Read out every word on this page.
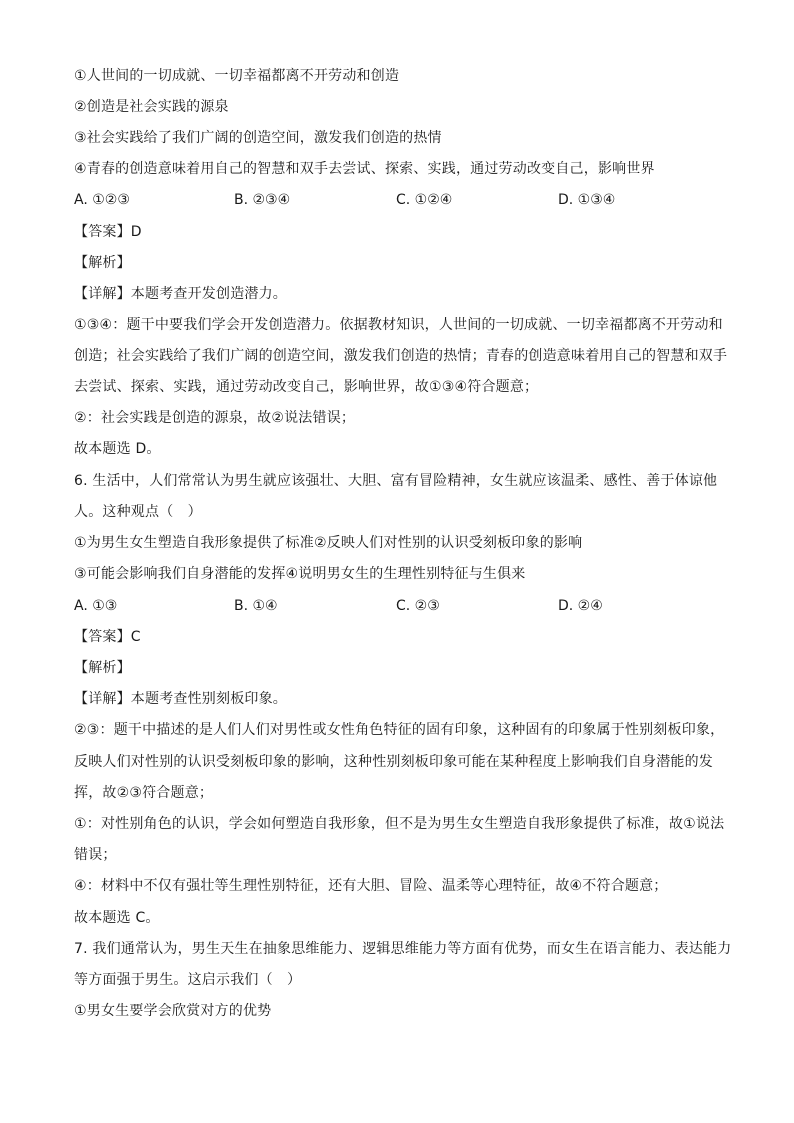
①人世间的一切成就、一切幸福都离不开劳动和创造
②创造是社会实践的源泉
③社会实践给了我们广阔的创造空间，激发我们创造的热情
④青春的创造意味着用自己的智慧和双手去尝试、探索、实践，通过劳动改变自己，影响世界
A. ①②③	B. ②③④	C. ①②④	D. ①③④
【答案】D
【解析】
【详解】本题考查开发创造潜力。
①③④：题干中要我们学会开发创造潜力。依据教材知识，人世间的一切成就、一切幸福都离不开劳动和
创造；社会实践给了我们广阔的创造空间，激发我们创造的热情；青春的创造意味着用自己的智慧和双手
去尝试、探索、实践，通过劳动改变自己，影响世界，故①③④符合题意；
②：社会实践是创造的源泉，故②说法错误；
故本题选 D。
6. 生活中，人们常常认为男生就应该强壮、大胆、富有冒险精神，女生就应该温柔、感性、善于体谅他
人。这种观点（　）
①为男生女生塑造自我形象提供了标准②反映人们对性别的认识受刻板印象的影响
③可能会影响我们自身潜能的发挥④说明男女生的生理性别特征与生俱来
A. ①③	B. ①④	C. ②③	D. ②④
【答案】C
【解析】
【详解】本题考查性别刻板印象。
②③：题干中描述的是人们人们对男性或女性角色特征的固有印象，这种固有的印象属于性别刻板印象，
反映人们对性别的认识受刻板印象的影响，这种性别刻板印象可能在某种程度上影响我们自身潜能的发
挥，故②③符合题意；
①：对性别角色的认识，学会如何塑造自我形象，但不是为男生女生塑造自我形象提供了标准，故①说法
错误；
④：材料中不仅有强壮等生理性别特征，还有大胆、冒险、温柔等心理特征，故④不符合题意；
故本题选 C。
7. 我们通常认为，男生天生在抽象思维能力、逻辑思维能力等方面有优势，而女生在语言能力、表达能力
等方面强于男生。这启示我们（　）
①男女生要学会欣赏对方的优势
